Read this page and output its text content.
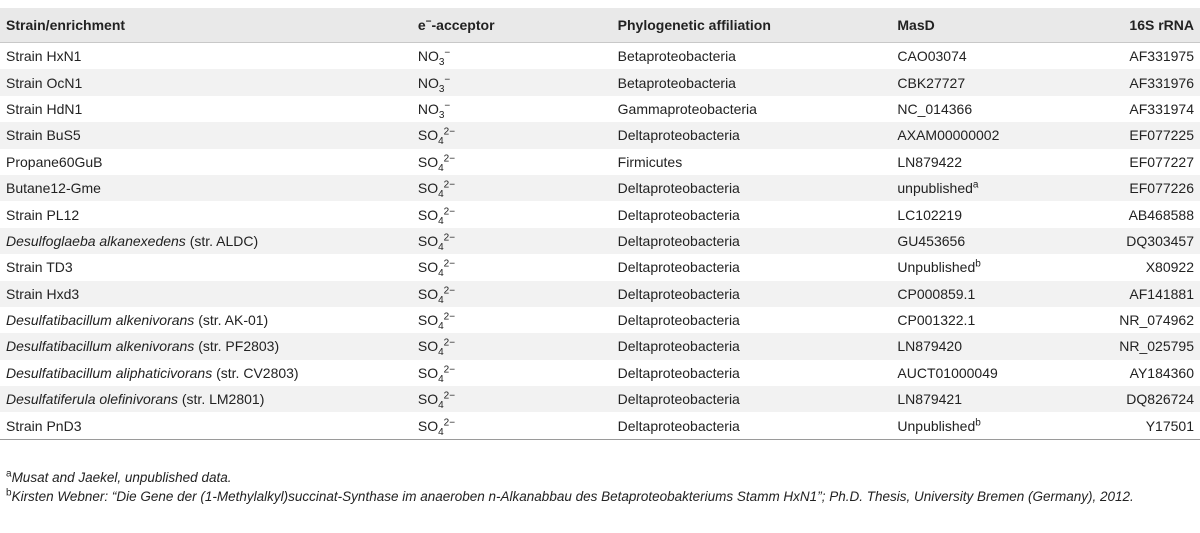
Strain/enrichment	e−-acceptor	Phylogenetic affiliation	MasD	16S rRNA
Strain HxN1	$NO_3^-$	Betaproteobacteria	CAO03074	AF331975
Strain OcN1	$NO_3^-$	Betaproteobacteria	CBK27727	AF331976
Strain HdN1	$NO_3^-$	Gammaproteobacteria	NC_014366	AF331974
Strain BuS5	$SO_4^{2-}$	Deltaproteobacteria	AXAM00000002	EF077225
Propane60GuB	$SO_4^{2-}$	Firmicutes	LN879422	EF077227
Butane12-Gme	$SO_4^{2-}$	Deltaproteobacteria	unpublished$^a$	EF077226
Strain PL12	$SO_4^{2-}$	Deltaproteobacteria	LC102219	AB468588
Desulfoglaeba alkanexedens (str. ALDC)	$SO_4^{2-}$	Deltaproteobacteria	GU453656	DQ303457
Strain TD3	$SO_4^{2-}$	Deltaproteobacteria	Unpublished$^b$	X80922
Strain Hxd3	$SO_4^{2-}$	Deltaproteobacteria	CP000859.1	AF141881
Desulfatibacillum alkenivorans (str. AK-01)	$SO_4^{2-}$	Deltaproteobacteria	CP001322.1	NR_074962
Desulfatibacillum alkenivorans (str. PF2803)	$SO_4^{2-}$	Deltaproteobacteria	LN879420	NR_025795
Desulfatibacillum aliphaticivorans (str. CV2803)	$SO_4^{2-}$	Deltaproteobacteria	AUCT01000049	AY184360
Desulfatiferula olefinivorans (str. LM2801)	$SO_4^{2-}$	Deltaproteobacteria	LN879421	DQ826724
Strain PnD3	$SO_4^{2-}$	Deltaproteobacteria	Unpublished$^b$	Y17501
$^a$Musat and Jaekel, unpublished data.
$^b$Kirsten Webner: “Die Gene der (1-Methylalkyl)succinat-Synthase im anaeroben n-Alkanabbau des Betaproteobakteriums Stamm HxN1”; Ph.D. Thesis, University Bremen (Germany), 2012.
